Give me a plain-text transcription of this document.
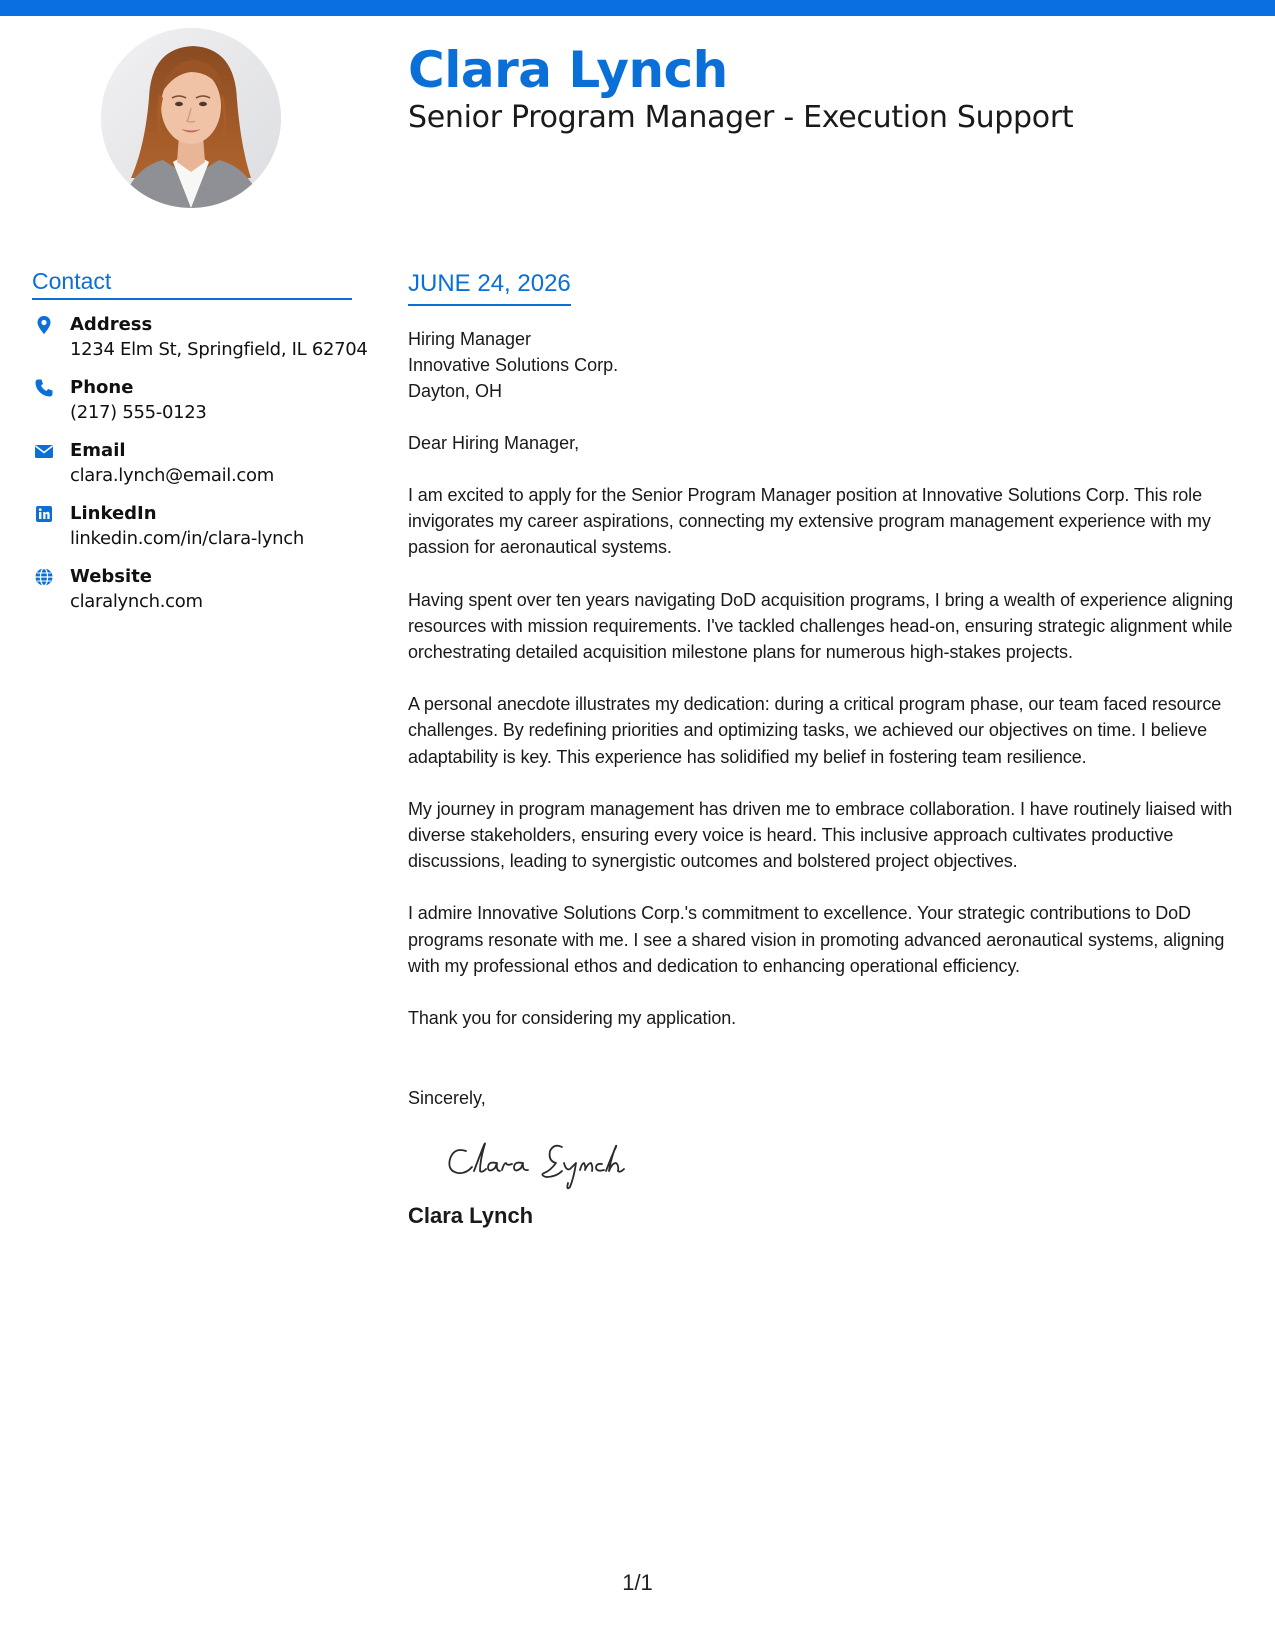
Clara Lynch
Senior Program Manager - Execution Support
Contact
Address
1234 Elm St, Springfield, IL 62704
Phone
(217) 555-0123
Email
clara.lynch@email.com
LinkedIn
linkedin.com/in/clara-lynch
Website
claralynch.com
JUNE 24, 2026
Hiring Manager
Innovative Solutions Corp.
Dayton, OH
Dear Hiring Manager,
I am excited to apply for the Senior Program Manager position at Innovative Solutions Corp. This role invigorates my career aspirations, connecting my extensive program management experience with my passion for aeronautical systems.
Having spent over ten years navigating DoD acquisition programs, I bring a wealth of experience aligning resources with mission requirements. I've tackled challenges head-on, ensuring strategic alignment while orchestrating detailed acquisition milestone plans for numerous high-stakes projects.
A personal anecdote illustrates my dedication: during a critical program phase, our team faced resource challenges. By redefining priorities and optimizing tasks, we achieved our objectives on time. I believe adaptability is key. This experience has solidified my belief in fostering team resilience.
My journey in program management has driven me to embrace collaboration. I have routinely liaised with diverse stakeholders, ensuring every voice is heard. This inclusive approach cultivates productive discussions, leading to synergistic outcomes and bolstered project objectives.
I admire Innovative Solutions Corp.'s commitment to excellence. Your strategic contributions to DoD programs resonate with me. I see a shared vision in promoting advanced aeronautical systems, aligning with my professional ethos and dedication to enhancing operational efficiency.
Thank you for considering my application.
Sincerely,
Clara Lynch
1/1
